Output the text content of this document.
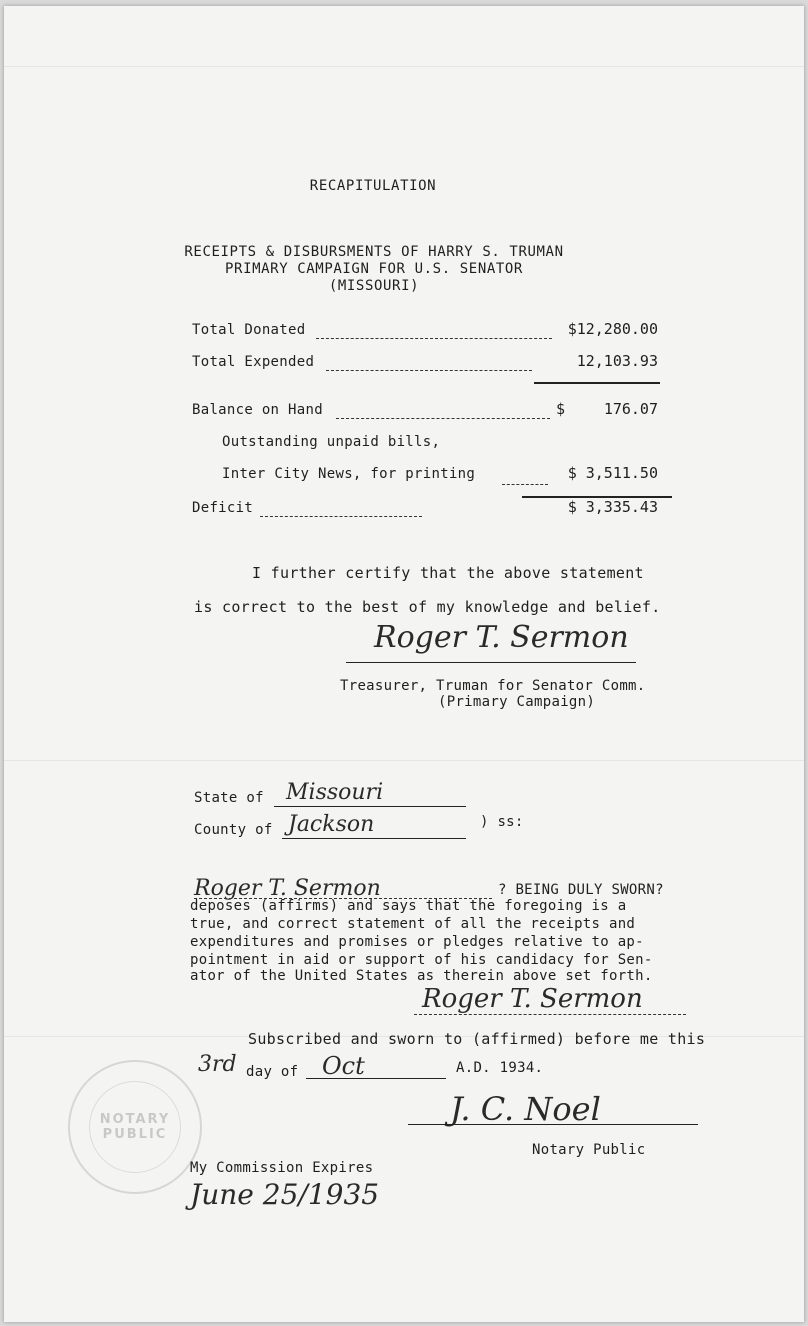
RECAPITULATION
RECEIPTS & DISBURSMENTS OF HARRY S. TRUMAN
PRIMARY CAMPAIGN FOR U.S. SENATOR
(MISSOURI)
Total Donated	$12,280.00
Total Expended	12,103.93
Balance on Hand	$	176.07
Outstanding unpaid bills,
Inter City News, for printing	$ 3,511.50
Deficit	$ 3,335.43
I further certify that the above statement
is correct to the best of my knowledge and belief.
Roger T. Sermon
Treasurer, Truman for Senator Comm.
(Primary Campaign)
State of Missouri
County of Jackson	) ss:
Roger T. Sermon	? BEING DULY SWORN?
deposes (affirms) and says that the foregoing is a
true, and correct statement of all the receipts and
expenditures and promises or pledges relative to ap-
pointment in aid or support of his candidacy for Sen-
ator of the United States as therein above set forth.
Roger T. Sermon
Subscribed and sworn to (affirmed) before me this
3rd day of Oct	A.D. 1934.
J. C. Noel
Notary Public
My Commission Expires
June 25/1935
NOTARY
PUBLIC
